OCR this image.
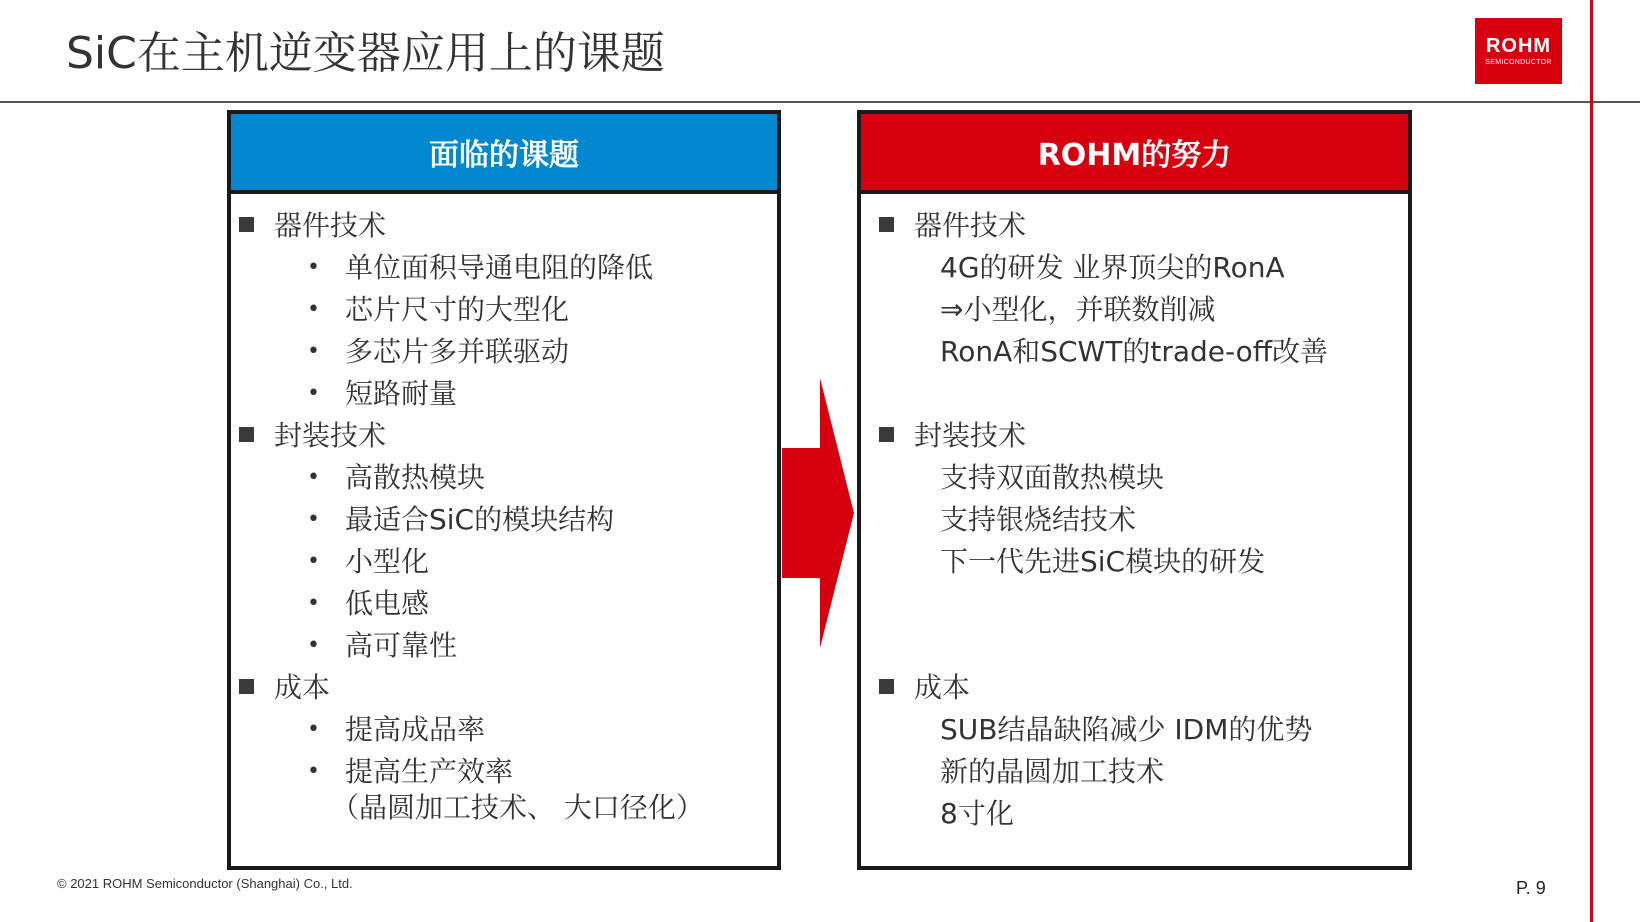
SiC在主机逆变器应用上的课题	ROHM
SEMICONDUCTOR
面临的课题
器件技术
• 单位面积导通电阻的降低
• 芯片尺寸的大型化
• 多芯片多并联驱动
• 短路耐量
封装技术
• 高散热模块
• 最适合SiC的模块结构
• 小型化
• 低电感
• 高可靠性
成本
• 提高成品率
• 提高生产效率
（晶圆加工技术、 大口径化）
ROHM的努力
器件技术
4G的研发 业界顶尖的RonA
⇒小型化，并联数削减
RonA和SCWT的trade-off改善
封装技术
支持双面散热模块
支持银烧结技术
下一代先进SiC模块的研发
成本
SUB结晶缺陷减少 IDM的优势
新的晶圆加工技术
8寸化
© 2021 ROHM Semiconductor (Shanghai) Co., Ltd.	P. 9
